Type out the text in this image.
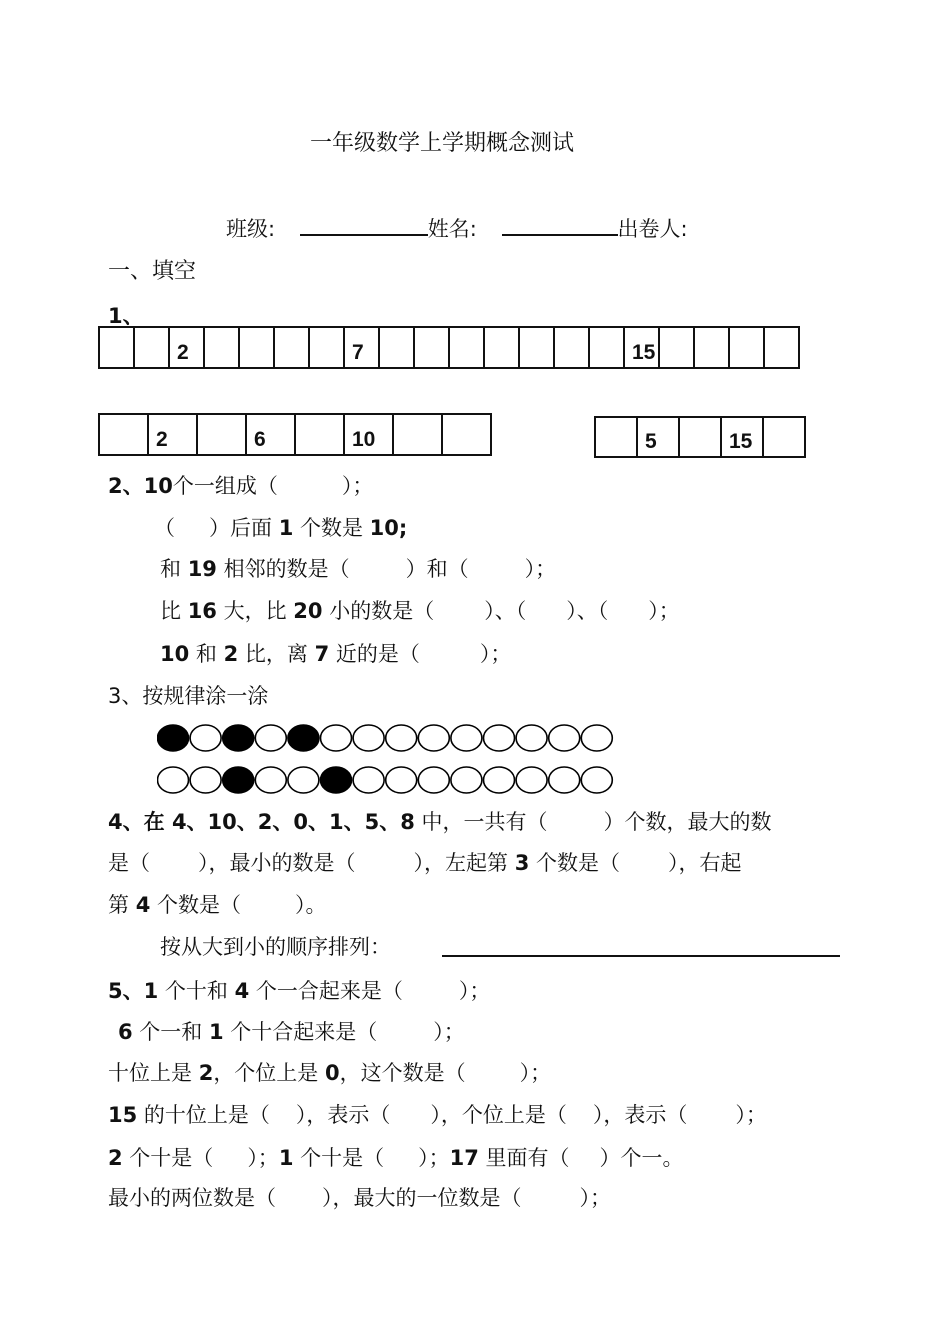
一年级数学上学期概念测试
班级:	姓名:	出卷人:
一、填空
1、

2					7								15

2		6		10

		5		15

2、10个一组成（	）；
（ ）后面 1 个数是 10;
和 19 相邻的数是（	）和（	）；
比 16 大，比 20 小的数是（ ）、（ ）、（ ）；
10 和 2 比，离 7 近的是（	）；
3、按规律涂一涂
4、在 4、10、2、0、1、5、8 中，一共有（	）个数，最大的数
是（ ），最小的数是（	），左起第 3 个数是（ ），右起
第 4 个数是（	）。
按从大到小的顺序排列：
5、1 个十和 4 个一合起来是（	）；
6 个一和 1 个十合起来是（	）；
十位上是 2，个位上是 0，这个数是（	）；
15 的十位上是（ ），表示（ ），个位上是（ ），表示（ ）；
2 个十是（ ）；1 个十是（ ）；17 里面有（ ）个一。
最小的两位数是（ ），最大的一位数是（	）；
